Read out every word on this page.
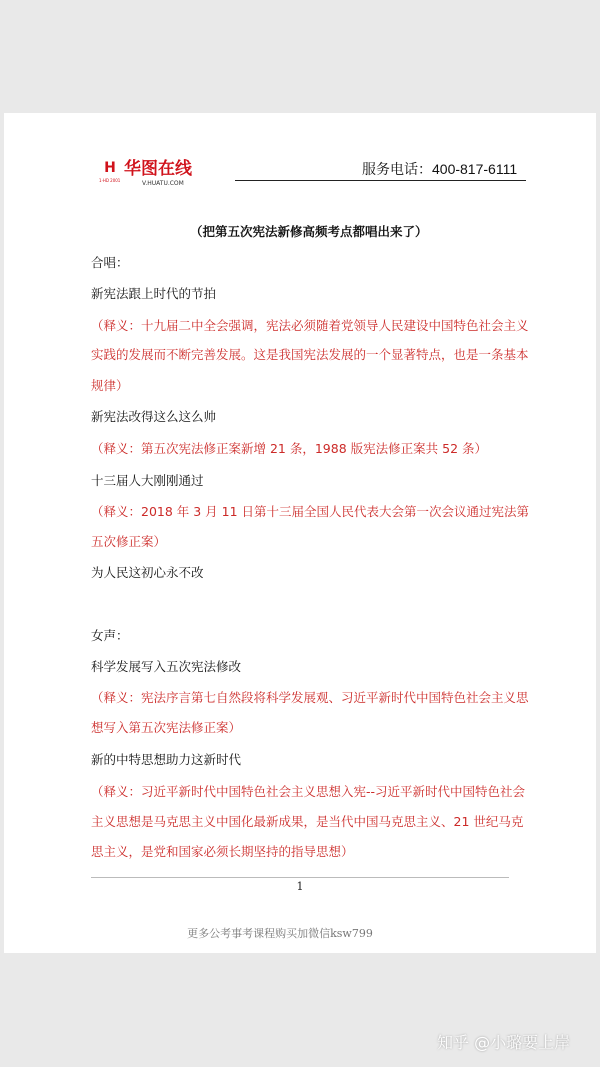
H
1·HD 2001
华图在线
V.HUATU.COM
服务电话：400-817-6111
（把第五次宪法新修高频考点都唱出来了）
合唱：
新宪法跟上时代的节拍
（释义：十九届二中全会强调，宪法必须随着党领导人民建设中国特色社会主义
实践的发展而不断完善发展。这是我国宪法发展的一个显著特点，也是一条基本
规律）
新宪法改得这么这么帅
（释义：第五次宪法修正案新增 21 条，1988 版宪法修正案共 52 条）
十三届人大刚刚通过
（释义：2018 年 3 月 11 日第十三届全国人民代表大会第一次会议通过宪法第
五次修正案）
为人民这初心永不改
女声：
科学发展写入五次宪法修改
（释义：宪法序言第七自然段将科学发展观、习近平新时代中国特色社会主义思
想写入第五次宪法修正案）
新的中特思想助力这新时代
（释义：习近平新时代中国特色社会主义思想入宪--习近平新时代中国特色社会
主义思想是马克思主义中国化最新成果，是当代中国马克思主义、21 世纪马克
思主义，是党和国家必须长期坚持的指导思想）
1
更多公考事考课程购买加微信ksw799
知乎 @小璐要上岸
